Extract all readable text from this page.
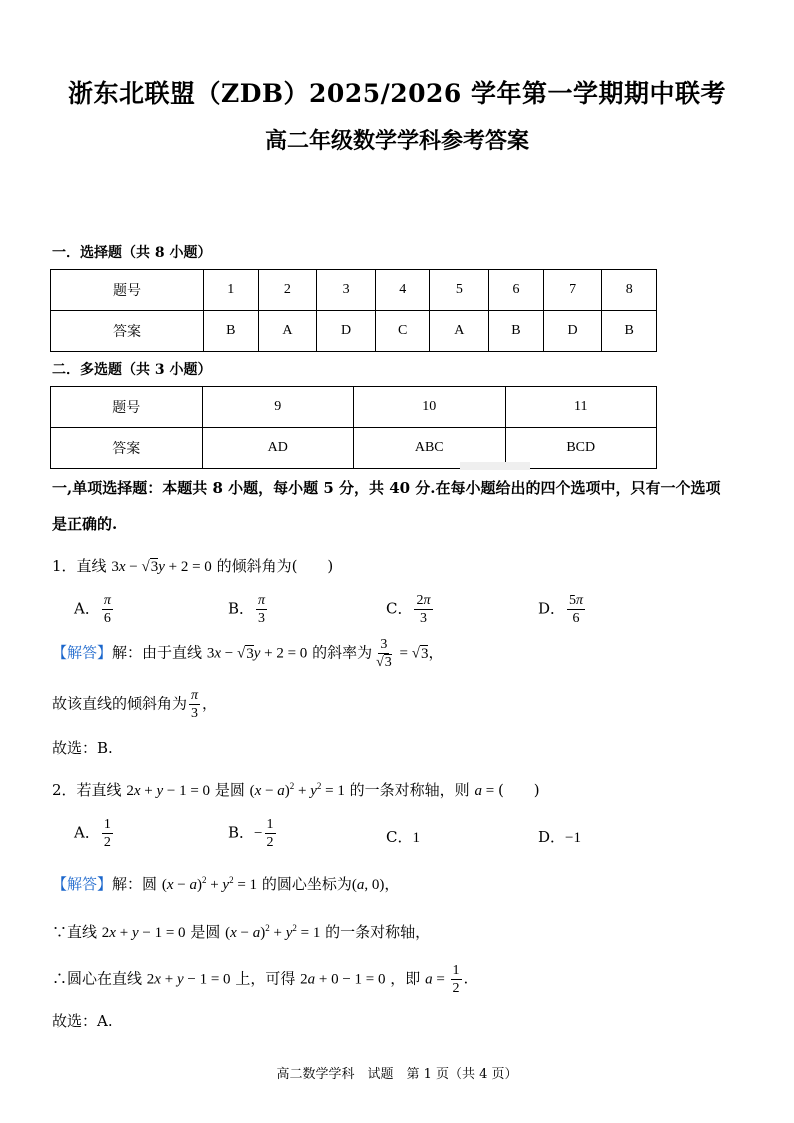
浙东北联盟（ZDB）2025/2026 学年第一学期期中联考
高二年级数学学科参考答案
一．选择题（共 8 小题）
题号	1	2	3	4	5	6	7	8
答案	B	A	D	C	A	B	D	B
二．多选题（共 3 小题）
题号	9	10	11
答案	AD	ABC	BCD
一,单项选择题：本题共 8 小题，每小题 5 分，共 40 分.在每小题给出的四个选项中，只有一个选项
是正确的.
1．直线 3x − √3y + 2 = 0 的倾斜角为(　　)
A． $\frac{\pi}{6}$	B． $\frac{\pi}{3}$	C． $\frac{2\pi}{3}$	D． $\frac{5\pi}{6}$
【解答】解：由于直线 3x − √3y + 2 = 0 的斜率为 $\frac{3}{√3} = √3$，
故该直线的倾斜角为 $\frac{\pi}{3}$ ，
故选：B.
2．若直线 2x + y − 1 = 0 是圆 $(x - a)^2 + y^2 = 1$ 的一条对称轴，则 a = (　　)
A． $\frac{1}{2}$	B．− $\frac{1}{2}$	C．1	D．−1
【解答】解：圆 $(x - a)^2 + y^2 = 1$ 的圆心坐标为(a, 0)，
∵直线 2x + y − 1 = 0 是圆 $(x - a)^2 + y^2 = 1$ 的一条对称轴，
∴圆心在直线 2x + y − 1 = 0 上，可得 2a + 0 − 1 = 0 ，即 $a = \frac{1}{2}$ .
故选：A.
高二数学学科　试题　第 1 页（共 4 页）
